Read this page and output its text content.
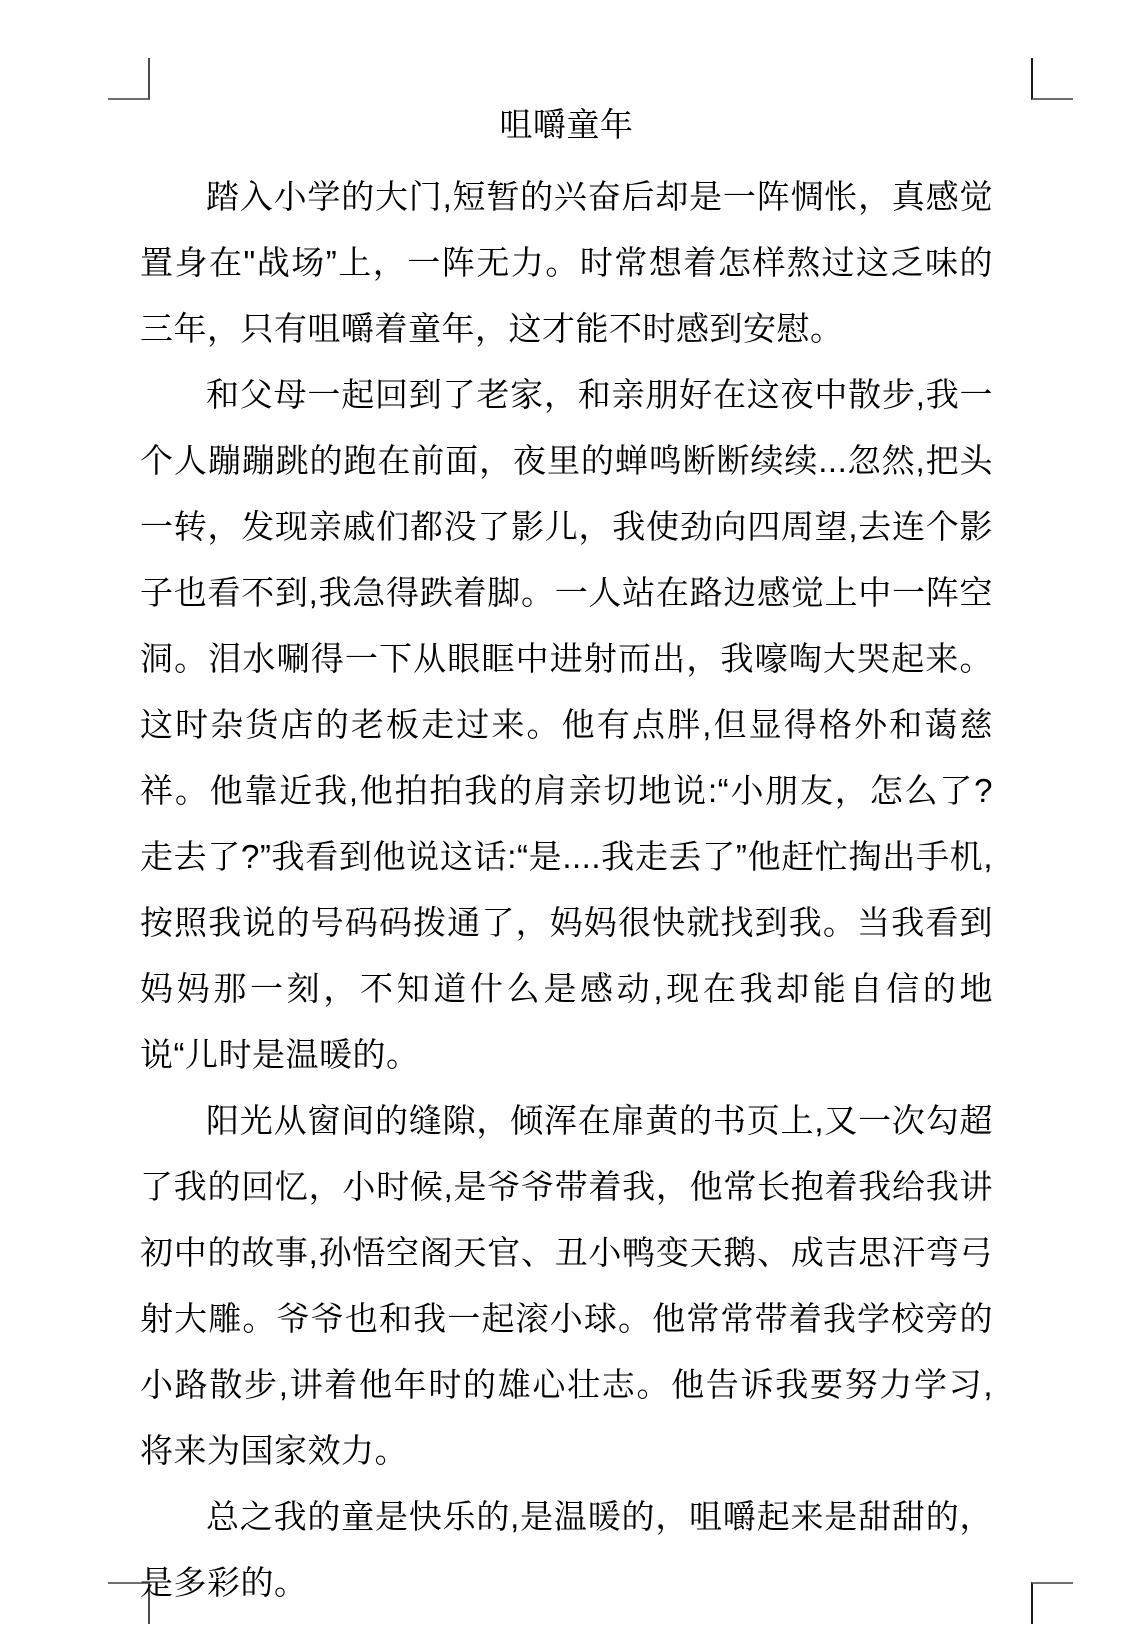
咀嚼童年

踏入小学的大门,短暂的兴奋后却是一阵惆怅，真感觉置身在"战场”上，一阵无力。时常想着怎样熬过这乏味的三年，只有咀嚼着童年，这才能不时感到安慰。

和父母一起回到了老家，和亲朋好在这夜中散步,我一个人蹦蹦跳的跑在前面，夜里的蝉鸣断断续续...忽然,把头一转，发现亲戚们都没了影儿，我使劲向四周望,去连个影子也看不到,我急得跌着脚。一人站在路边感觉上中一阵空洞。泪水唰得一下从眼眶中进射而出，我嚎啕大哭起来。这时杂货店的老板走过来。他有点胖,但显得格外和蔼慈祥。他靠近我,他拍拍我的肩亲切地说:“小朋友，怎么了?走去了?”我看到他说这话:“是....我走丢了”他赶忙掏出手机,按照我说的号码码拨通了，妈妈很快就找到我。当我看到妈妈那一刻，不知道什么是感动,现在我却能自信的地说“儿时是温暖的。

阳光从窗间的缝隙，倾浑在扉黄的书页上,又一次勾超了我的回忆，小时候,是爷爷带着我，他常长抱着我给我讲初中的故事,孙悟空阁天官、丑小鸭变天鹅、成吉思汗弯弓射大雕。爷爷也和我一起滚小球。他常常带着我学校旁的小路散步,讲着他年时的雄心壮志。他告诉我要努力学习,将来为国家效力。

总之我的童是快乐的,是温暖的，咀嚼起来是甜甜的，是多彩的。
